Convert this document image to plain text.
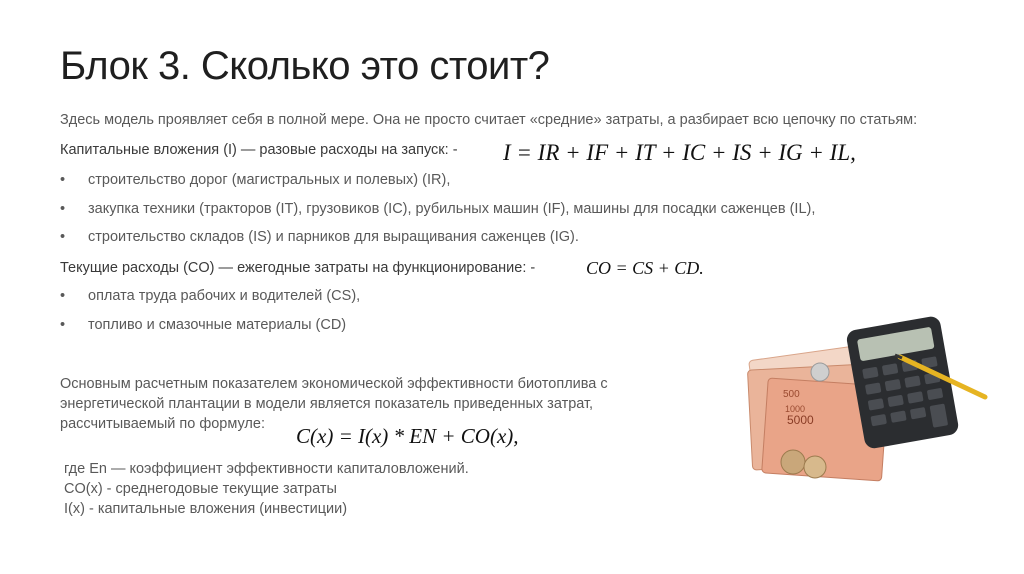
Блок 3. Сколько это стоит?
Здесь модель проявляет себя в полной мере. Она не просто считает «средние» затраты, а разбирает всю цепочку по статьям:
Капитальные вложения (I) — разовые расходы на запуск: - I = IR + IF + IT + IC + IS + IG + IL,
• строительство дорог (магистральных и полевых) (IR),
• закупка техники (тракторов (IT), грузовиков (IC), рубильных машин (IF), машины для посадки саженцев (IL),
• строительство складов (IS) и парников для выращивания саженцев (IG).
Текущие расходы (CO) — ежегодные затраты на функционирование: -	CO = CS + CD.
• оплата труда рабочих и водителей (CS),
• топливо и смазочные материалы (CD)
Основным расчетным показателем экономической эффективности биотоплива с
энергетической плантации в модели является показатель приведенных затрат,
рассчитываемый по формуле:	C(x) = I(x) * EN + CO(x),
где En — коэффициент эффективности капиталовложений.
CO(x) - среднегодовые текущие затраты
I(x) - капитальные вложения (инвестиции)
500
5000
1000
